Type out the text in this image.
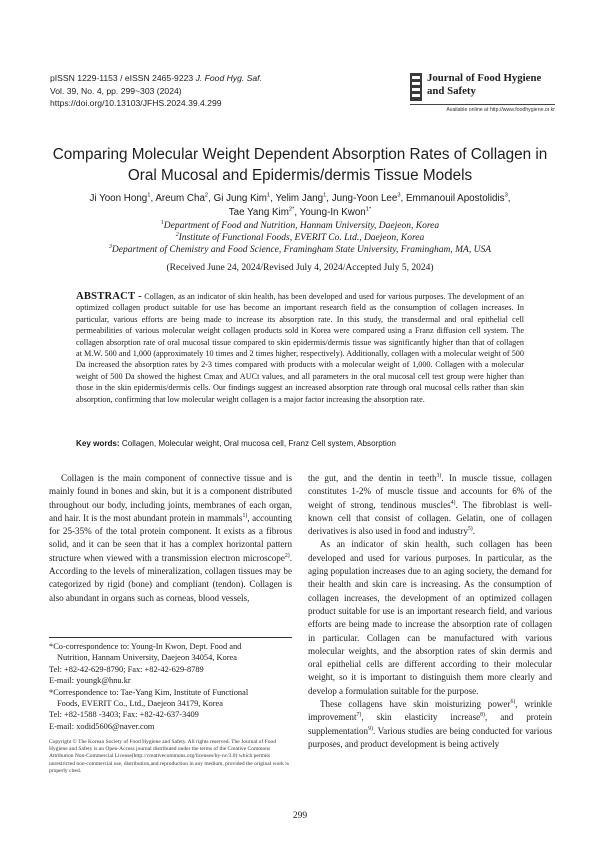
pISSN 1229-1153 / eISSN 2465-9223 J. Food Hyg. Saf.
Vol. 39, No. 4, pp. 299~303 (2024)
https://doi.org/10.13103/JFHS.2024.39.4.299
Journal of Food Hygiene
and Safety
Available online at http://www.foodhygiene.or.kr
Comparing Molecular Weight Dependent Absorption Rates of Collagen in
Oral Mucosal and Epidermis/dermis Tissue Models
Ji Yoon Hong$^1$, Areum Cha$^2$, Gi Jung Kim$^1$, Yelim Jang$^1$, Jung-Yoon Lee$^3$, Emmanouil Apostolidis$^3$,
Tae Yang Kim$^{2*}$, Young-In Kwon$^{1*}$
$^1$Department of Food and Nutrition, Hannam University, Daejeon, Korea
$^2$Institute of Functional Foods, EVERIT Co. Ltd., Daejeon, Korea
$^3$Department of Chemistry and Food Science, Framingham State University, Framingham, MA, USA
(Received June 24, 2024/Revised July 4, 2024/Accepted July 5, 2024)
ABSTRACT - Collagen, as an indicator of skin health, has been developed and used for various purposes. The development of an optimized collagen product suitable for use has become an important research field as the consumption of collagen increases. In particular, various efforts are being made to increase its absorption rate. In this study, the transdermal and oral epithelial cell permeabilities of various molecular weight collagen products sold in Korea were compared using a Franz diffusion cell system. The collagen absorption rate of oral mucosal tissue compared to skin epidermis/dermis tissue was significantly higher than that of collagen at M.W. 500 and 1,000 (approximately 10 times and 2 times higher, respectively). Additionally, collagen with a molecular weight of 500 Da increased the absorption rates by 2-3 times compared with products with a molecular weight of 1,000. Collagen with a molecular weight of 500 Da showed the highest Cmax and AUCt values, and all parameters in the oral mucosal cell test group were higher than those in the skin epidermis/dermis cells. Our findings suggest an increased absorption rate through oral mucosal cells rather than skin absorption, confirming that low molecular weight collagen is a major factor increasing the absorption rate.
Key words: Collagen, Molecular weight, Oral mucosa cell, Franz Cell system, Absorption

Collagen is the main component of connective tissue and is mainly found in bones and skin, but it is a component distributed throughout our body, including joints, membranes of each organ, and hair. It is the most abundant protein in mammals$^{1)}$, accounting for 25-35% of the total protein component. It exists as a fibrous solid, and it can be seen that it has a complex horizontal pattern structure when viewed with a transmission electron microscope$^{2)}$. According to the levels of mineralization, collagen tissues may be categorized by rigid (bone) and compliant (tendon). Collagen is also abundant in organs such as corneas, blood vessels,

*Co-correspondence to: Young-In Kwon, Dept. Food and
Nutrition, Hannam University, Daejeon 34054, Korea
Tel: +82-42-629-8790; Fax: +82-42-629-8789
E-mail: youngk@hnu.kr
*Correspondence to: Tae-Yang Kim, Institute of Functional
Foods, EVERIT Co., Ltd., Daejeon 34179, Korea
Tel: +82-1588 -3403; Fax: +82-42-637-3409
E-mail: xodid5606@naver.com
Copyright © The Korean Society of Food Hygiene and Safety. All rights reserved. The Journal of Food Hygiene and Safety is an Open-Access journal distributed under the terms of the Creative Commons Attribution Non-Commercial License(http://creativecommons.org/licenses/by-nc/3.0) which permits unrestricted non-commercial use, distribution,and reproduction in any medium, provided the original work is properly cited.

the gut, and the dentin in teeth$^{3)}$. In muscle tissue, collagen constitutes 1-2% of muscle tissue and accounts for 6% of the weight of strong, tendinous muscles$^{4)}$. The fibroblast is well-known cell that consist of collagen. Gelatin, one of collagen derivatives is also used in food and industry$^{5)}$.

As an indicator of skin health, such collagen has been developed and used for various purposes. In particular, as the aging population increases due to an aging society, the demand for their health and skin care is increasing. As the consumption of collagen increases, the development of an optimized collagen product suitable for use is an important research field, and various efforts are being made to increase the absorption rate of collagen in particular. Collagen can be manufactured with various molecular weights, and the absorption rates of skin dermis and oral epithelial cells are different according to their molecular weight, so it is important to distinguish them more clearly and develop a formulation suitable for the purpose.

These collagens have skin moisturizing power$^{6)}$, wrinkle improvement$^{7)}$, skin elasticity increase$^{8)}$, and protein supplementation$^{9)}$. Various studies are being conducted for various purposes, and product development is being actively

299
